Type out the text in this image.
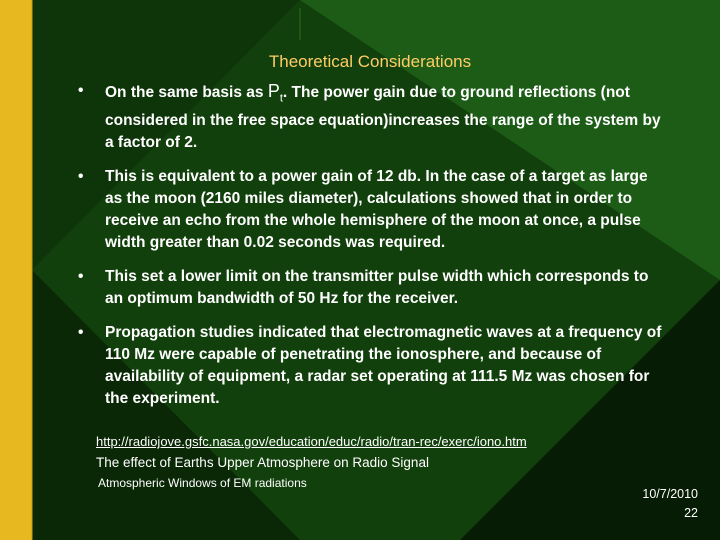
Theoretical Considerations
• On the same basis as $P_t$. The power gain due to ground reflections (not considered in the free space equation)increases the range of the system by a factor of 2.
• This is equivalent to a power gain of 12 db. In the case of a target as large as the moon (2160 miles diameter), calculations showed that in order to receive an echo from the whole hemisphere of the moon at once, a pulse width greater than 0.02 seconds was required.
• This set a lower limit on the transmitter pulse width which corresponds to an optimum bandwidth of 50 Hz for the receiver.
• Propagation studies indicated that electromagnetic waves at a frequency of 110 Mz were capable of penetrating the ionosphere, and because of availability of equipment, a radar set operating at 111.5 Mz was chosen for the experiment.
http://radiojove.gsfc.nasa.gov/education/educ/radio/tran-rec/exerc/iono.htm
The effect of Earths Upper Atmosphere on Radio Signal
Atmospheric Windows of EM radiations
10/7/2010
22
